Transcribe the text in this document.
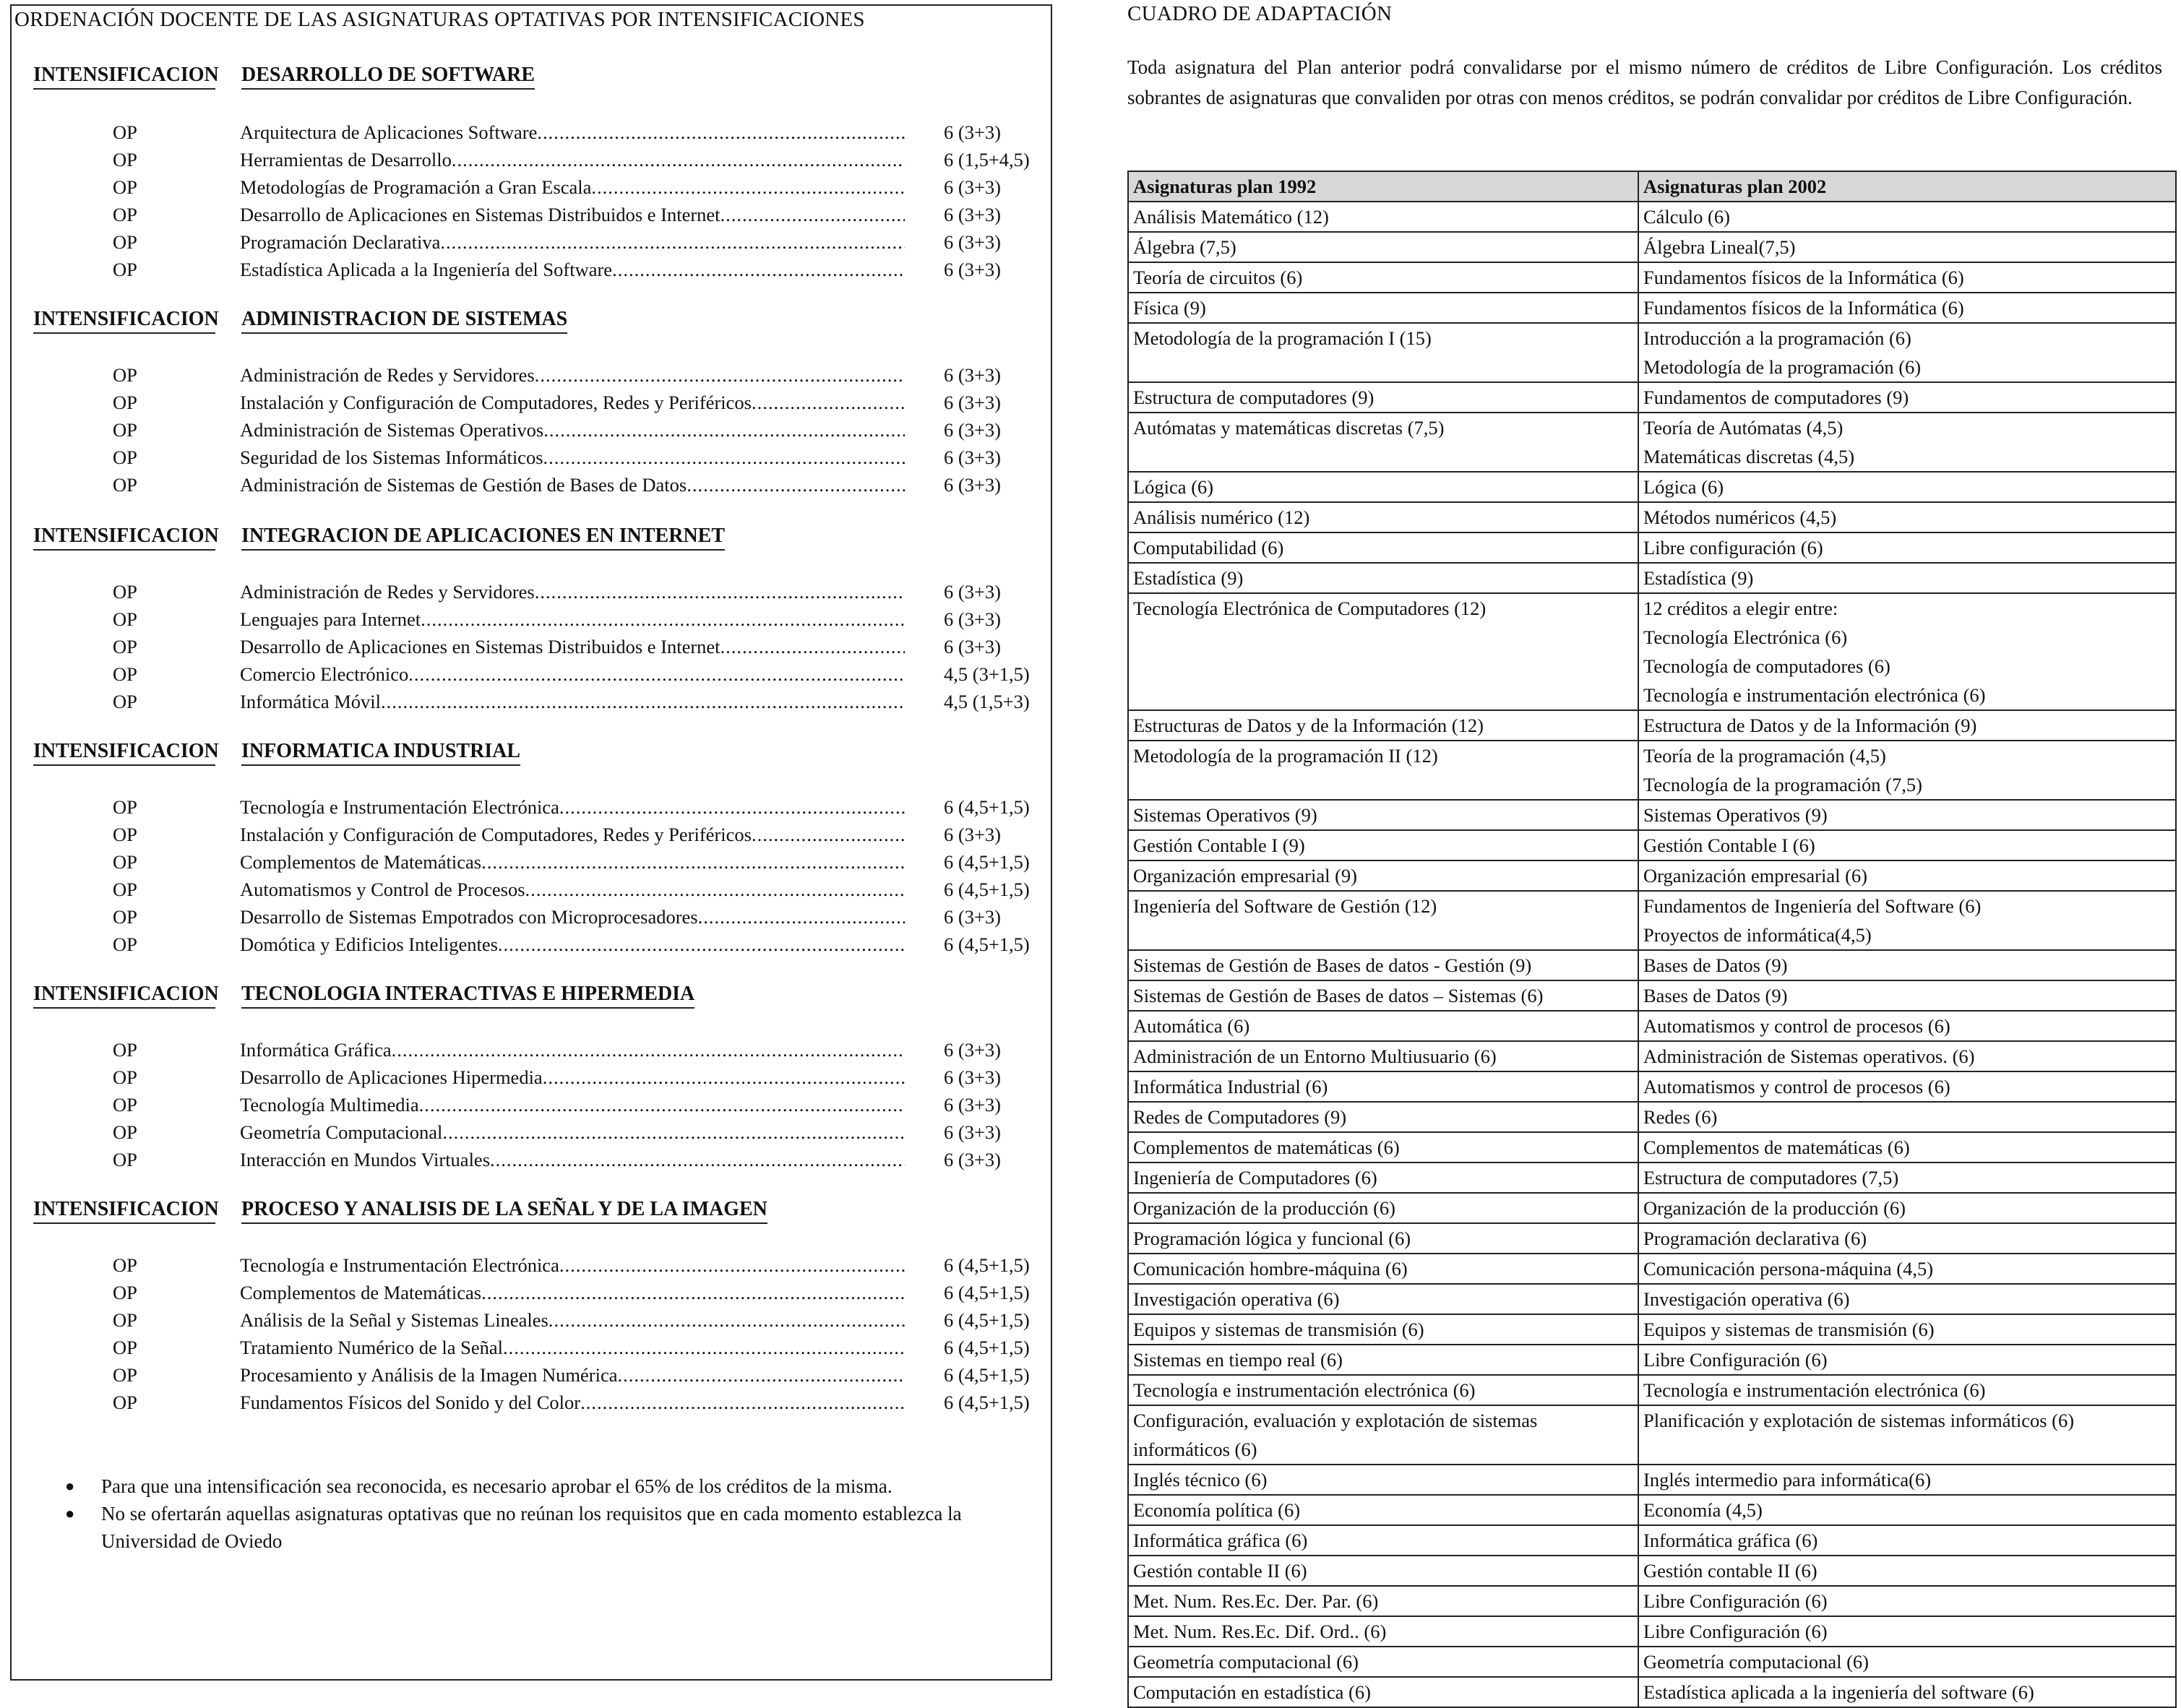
ORDENACIÓN DOCENTE DE LAS ASIGNATURAS OPTATIVAS POR INTENSIFICACIONES
INTENSIFICACION DESARROLLO DE SOFTWARE
OP	Arquitectura de Aplicaciones Software .....	6 (3+3)
OP	Herramientas de Desarrollo .....	6 (1,5+4,5)
OP	Metodologías de Programación a Gran Escala .....	6 (3+3)
OP	Desarrollo de Aplicaciones en Sistemas Distribuidos e Internet .....	6 (3+3)
OP	Programación Declarativa .....	6 (3+3)
OP	Estadística Aplicada a la Ingeniería del Software .....	6 (3+3)
INTENSIFICACION ADMINISTRACION DE SISTEMAS
OP	Administración de Redes y Servidores .....	6 (3+3)
OP	Instalación y Configuración de Computadores, Redes y Periféricos .....	6 (3+3)
OP	Administración de Sistemas Operativos .....	6 (3+3)
OP	Seguridad de los Sistemas Informáticos .....	6 (3+3)
OP	Administración de Sistemas de Gestión de Bases de Datos .....	6 (3+3)
INTENSIFICACION INTEGRACION DE APLICACIONES EN INTERNET
OP	Administración de Redes y Servidores .....	6 (3+3)
OP	Lenguajes para Internet .....	6 (3+3)
OP	Desarrollo de Aplicaciones en Sistemas Distribuidos e Internet .....	6 (3+3)
OP	Comercio Electrónico .....	4,5 (3+1,5)
OP	Informática Móvil .....	4,5 (1,5+3)
INTENSIFICACION INFORMATICA INDUSTRIAL
OP	Tecnología e Instrumentación Electrónica .....	6 (4,5+1,5)
OP	Instalación y Configuración de Computadores, Redes y Periféricos .....	6 (3+3)
OP	Complementos de Matemáticas .....	6 (4,5+1,5)
OP	Automatismos y Control de Procesos .....	6 (4,5+1,5)
OP	Desarrollo de Sistemas Empotrados con Microprocesadores .....	6 (3+3)
OP	Domótica y Edificios Inteligentes .....	6 (4,5+1,5)
INTENSIFICACION TECNOLOGIA INTERACTIVAS E HIPERMEDIA
OP	Informática Gráfica .....	6 (3+3)
OP	Desarrollo de Aplicaciones Hipermedia .....	6 (3+3)
OP	Tecnología Multimedia .....	6 (3+3)
OP	Geometría Computacional .....	6 (3+3)
OP	Interacción en Mundos Virtuales .....	6 (3+3)
INTENSIFICACION PROCESO Y ANALISIS DE LA SEÑAL Y DE LA IMAGEN
OP	Tecnología e Instrumentación Electrónica .....	6 (4,5+1,5)
OP	Complementos de Matemáticas .....	6 (4,5+1,5)
OP	Análisis de la Señal y Sistemas Lineales .....	6 (4,5+1,5)
OP	Tratamiento Numérico de la Señal .....	6 (4,5+1,5)
OP	Procesamiento y Análisis de la Imagen Numérica .....	6 (4,5+1,5)
OP	Fundamentos Físicos del Sonido y del Color .....	6 (4,5+1,5)
● Para que una intensificación sea reconocida, es necesario aprobar el 65% de los créditos de la misma.
● No se ofertarán aquellas asignaturas optativas que no reúnan los requisitos que en cada momento establezca la Universidad de Oviedo
CUADRO DE ADAPTACIÓN
Toda asignatura del Plan anterior podrá convalidarse por el mismo número de créditos de Libre Configuración. Los créditos sobrantes de asignaturas que convaliden por otras con menos créditos, se podrán convalidar por créditos de Libre Configuración.
Asignaturas plan 1992	Asignaturas plan 2002

Análisis Matemático (12)	Cálculo (6)

Álgebra (7,5)	Álgebra Lineal(7,5)

Teoría de circuitos (6)	Fundamentos físicos de la Informática (6)

Física (9)	Fundamentos físicos de la Informática (6)

Metodología de la programación I (15)	Introducción a la programación (6)
Metodología de la programación (6)

Estructura de computadores (9)	Fundamentos de computadores (9)

Autómatas y matemáticas discretas (7,5)	Teoría de Autómatas (4,5)
Matemáticas discretas (4,5)

Lógica (6)	Lógica (6)

Análisis numérico (12)	Métodos numéricos (4,5)

Computabilidad (6)	Libre configuración (6)

Estadística (9)	Estadística (9)

Tecnología Electrónica de Computadores (12)	12 créditos a elegir entre:
Tecnología Electrónica (6)
Tecnología de computadores (6)
Tecnología e instrumentación electrónica (6)

Estructuras de Datos y de la Información (12)	Estructura de Datos y de la Información (9)

Metodología de la programación II (12)	Teoría de la programación (4,5)
Tecnología de la programación (7,5)

Sistemas Operativos (9)	Sistemas Operativos (9)

Gestión Contable I (9)	Gestión Contable I (6)

Organización empresarial (9)	Organización empresarial (6)

Ingeniería del Software de Gestión (12)	Fundamentos de Ingeniería del Software (6)
Proyectos de informática(4,5)

Sistemas de Gestión de Bases de datos - Gestión (9)	Bases de Datos (9)

Sistemas de Gestión de Bases de datos – Sistemas (6)	Bases de Datos (9)

Automática (6)	Automatismos y control de procesos (6)

Administración de un Entorno Multiusuario (6)	Administración de Sistemas operativos. (6)

Informática Industrial (6)	Automatismos y control de procesos (6)

Redes de Computadores (9)	Redes (6)

Complementos de matemáticas (6)	Complementos de matemáticas (6)

Ingeniería de Computadores (6)	Estructura de computadores (7,5)

Organización de la producción (6)	Organización de la producción (6)

Programación lógica y funcional (6)	Programación declarativa (6)

Comunicación hombre-máquina (6)	Comunicación persona-máquina (4,5)

Investigación operativa (6)	Investigación operativa (6)

Equipos y sistemas de transmisión (6)	Equipos y sistemas de transmisión (6)

Sistemas en tiempo real (6)	Libre Configuración (6)

Tecnología e instrumentación electrónica (6)	Tecnología e instrumentación electrónica (6)

Configuración, evaluación y explotación de sistemas informáticos (6)	Planificación y explotación de sistemas informáticos (6)

Inglés técnico (6)	Inglés intermedio para informática(6)

Economía política (6)	Economía (4,5)

Informática gráfica (6)	Informática gráfica (6)

Gestión contable II (6)	Gestión contable II (6)

Met. Num. Res.Ec. Der. Par. (6)	Libre Configuración (6)

Met. Num. Res.Ec. Dif. Ord.. (6)	Libre Configuración (6)

Geometría computacional (6)	Geometría computacional (6)

Computación en estadística (6)	Estadística aplicada a la ingeniería del software (6)
